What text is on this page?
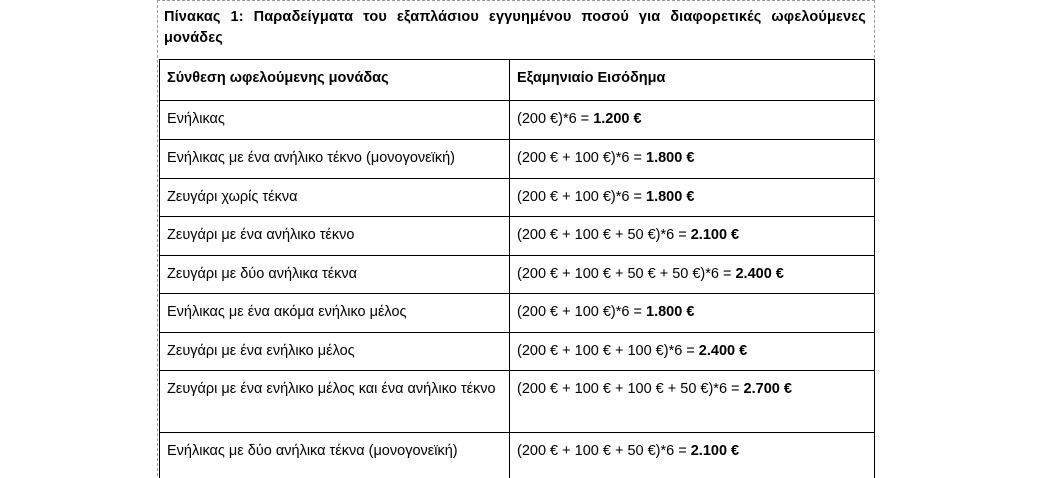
Πίνακας 1: Παραδείγματα του εξαπλάσιου εγγυημένου ποσού για διαφορετικές ωφελούμενες μονάδες
Σύνθεση ωφελούμενης μονάδας	Εξαμηνιαίο Εισόδημα
Ενήλικας	(200 €)*6 = 1.200 €
Ενήλικας με ένα ανήλικο τέκνο (μονογονεϊκή)	(200 € + 100 €)*6 = 1.800 €
Ζευγάρι χωρίς τέκνα	(200 € + 100 €)*6 = 1.800 €
Ζευγάρι με ένα ανήλικο τέκνο	(200 € + 100 € + 50 €)*6 = 2.100 €
Ζευγάρι με δύο ανήλικα τέκνα	(200 € + 100 € + 50 € + 50 €)*6 = 2.400 €
Ενήλικας με ένα ακόμα ενήλικο μέλος	(200 € + 100 €)*6 = 1.800 €
Ζευγάρι με ένα ενήλικο μέλος	(200 € + 100 € + 100 €)*6 = 2.400 €
Ζευγάρι με ένα ενήλικο μέλος και ένα ανήλικο τέκνο	(200 € + 100 € + 100 € + 50 €)*6 = 2.700 €
Ενήλικας με δύο ανήλικα τέκνα (μονογονεϊκή)	(200 € + 100 € + 50 €)*6 = 2.100 €
